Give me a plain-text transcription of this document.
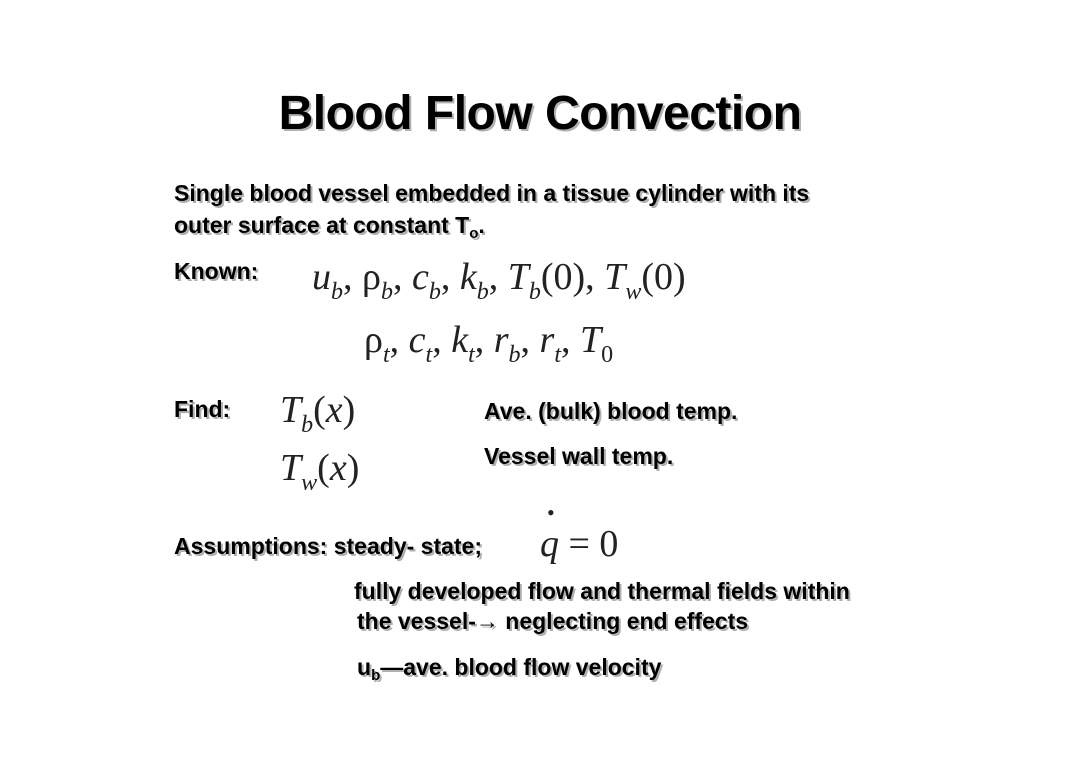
Blood Flow Convection
Single blood vessel embedded in a tissue cylinder with its
outer surface at constant $T_o$.
Known: $u_b$, $\rho_b$, $c_b$, $k_b$, $T_b(0)$, $T_w(0)$
$\rho_t$, $c_t$, $k_t$, $r_b$, $r_t$, $T_0$
Find: $T_b(x)$	Ave. (bulk) blood temp.
$T_w(x)$	Vessel wall temp.
Assumptions: steady- state;
• q = 0
fully developed flow and thermal fields within
the vessel-→ neglecting end effects
$u_b—ave$. blood flow velocity
